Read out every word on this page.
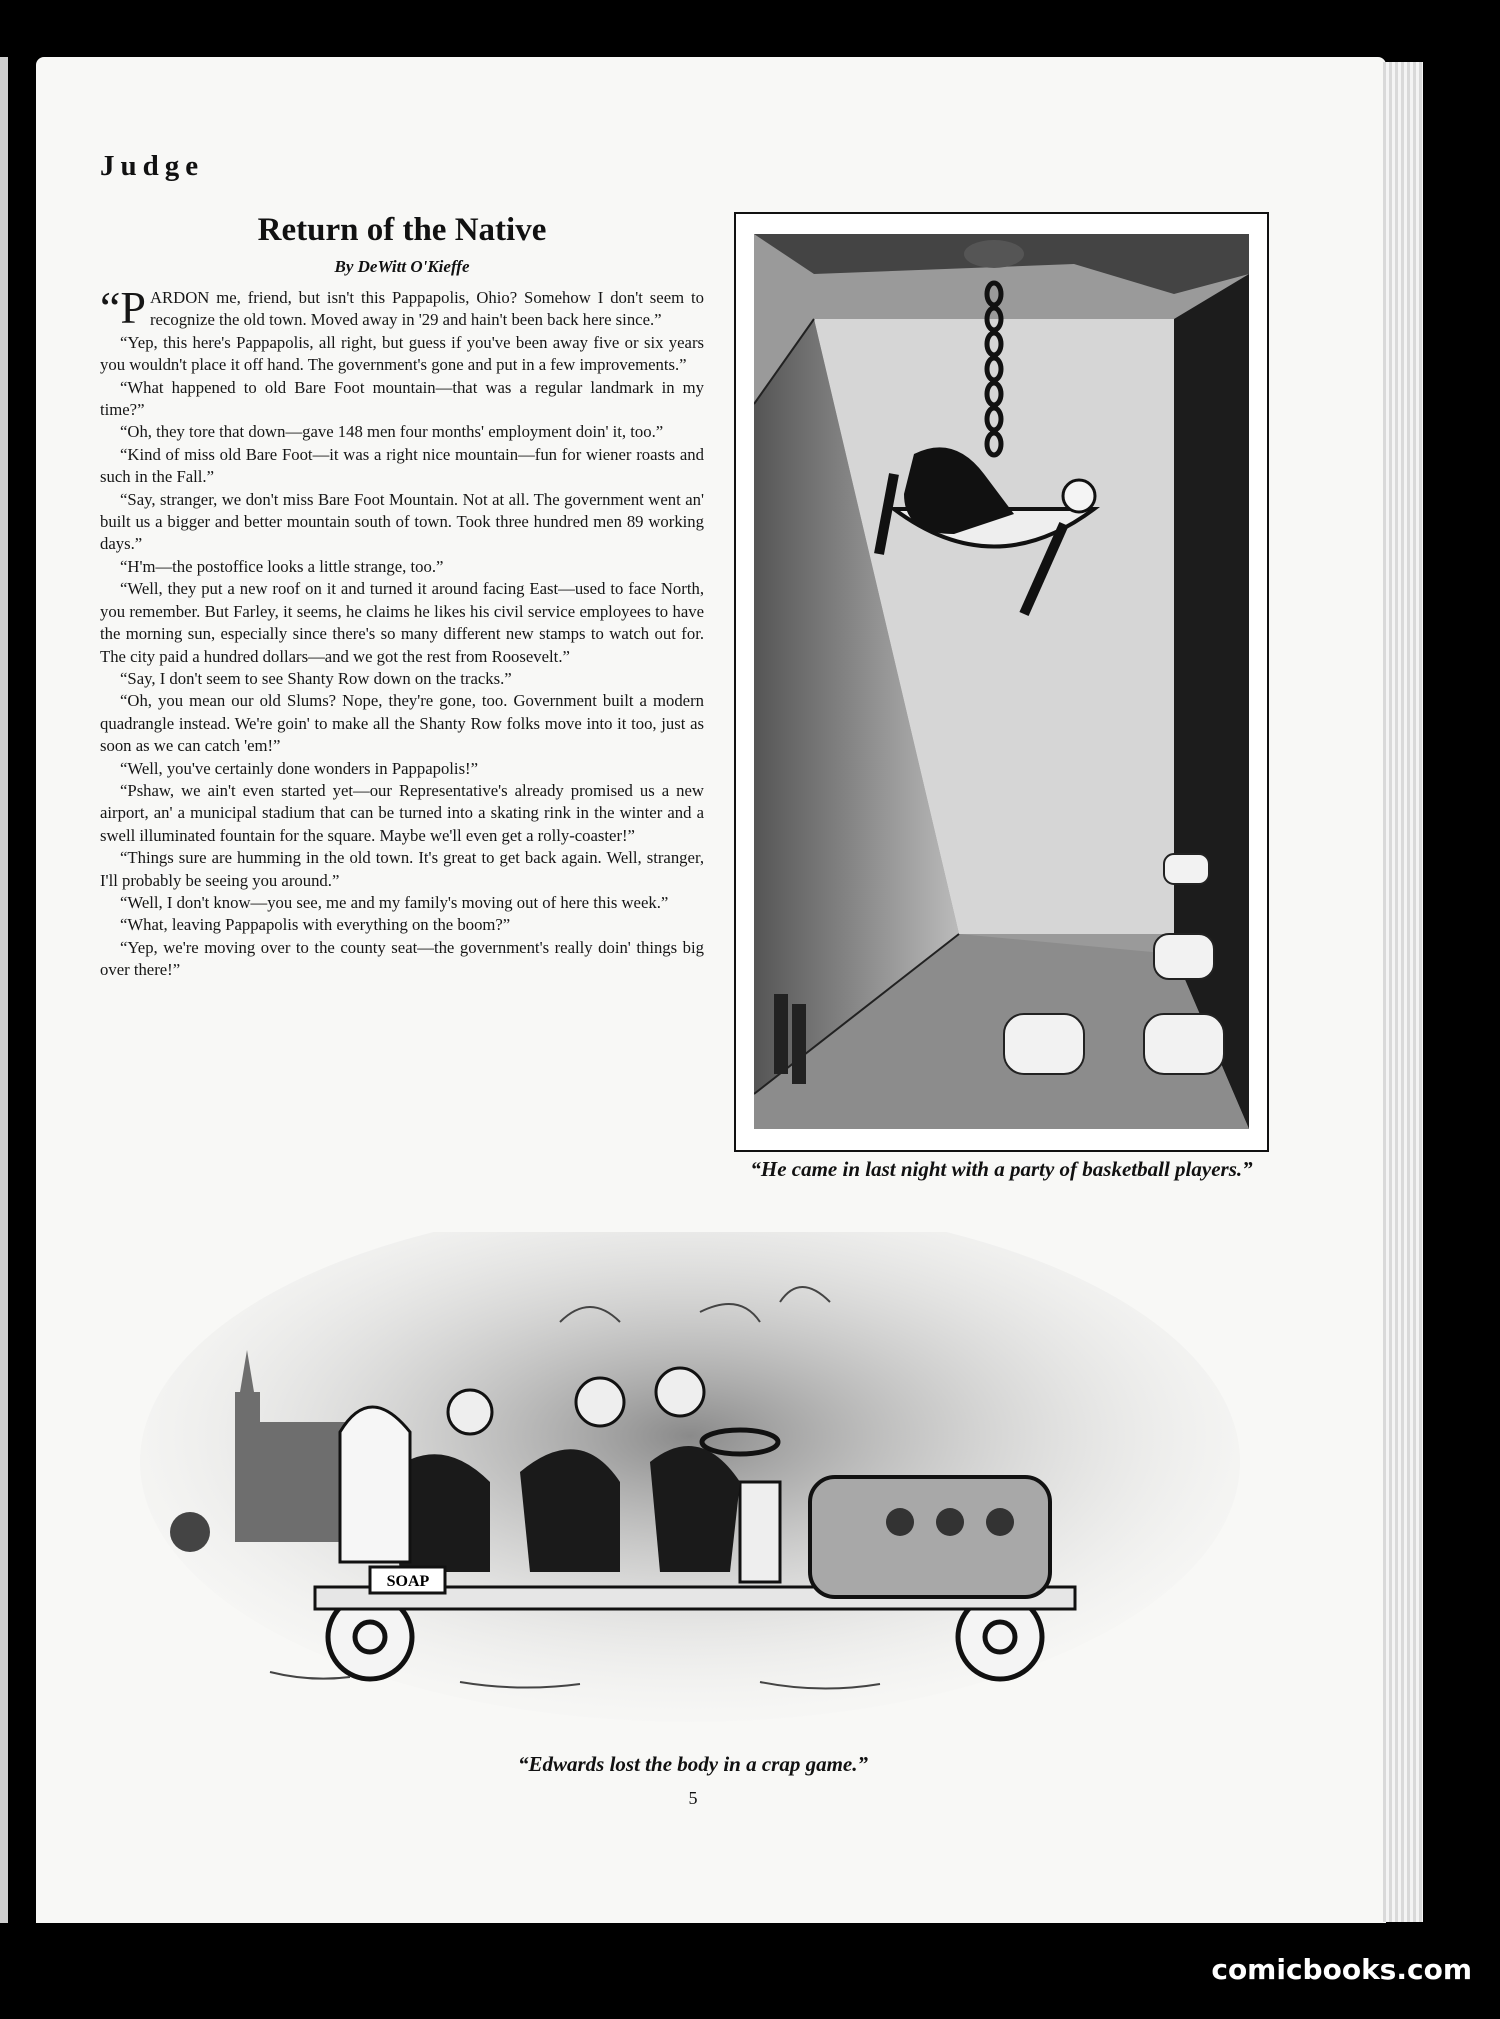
Judge
Return of the Native
By DeWitt O'Kieffe

“PARDON me, friend, but isn't this Pappapolis, Ohio? Somehow I don't seem to recognize the old town. Moved away in '29 and hain't been back here since.”

“Yep, this here's Pappapolis, all right, but guess if you've been away five or six years you wouldn't place it off hand. The government's gone and put in a few improvements.”

“What happened to old Bare Foot mountain—that was a regular landmark in my time?”

“Oh, they tore that down—gave 148 men four months' employment doin' it, too.”

“Kind of miss old Bare Foot—it was a right nice mountain—fun for wiener roasts and such in the Fall.”

“Say, stranger, we don't miss Bare Foot Mountain. Not at all. The government went an' built us a bigger and better mountain south of town. Took three hundred men 89 working days.”

“H'm—the postoffice looks a little strange, too.”

“Well, they put a new roof on it and turned it around facing East—used to face North, you remember. But Farley, it seems, he claims he likes his civil service employees to have the morning sun, especially since there's so many different new stamps to watch out for. The city paid a hundred dollars—and we got the rest from Roosevelt.”

“Say, I don't seem to see Shanty Row down on the tracks.”

“Oh, you mean our old Slums? Nope, they're gone, too. Government built a modern quadrangle instead. We're goin' to make all the Shanty Row folks move into it too, just as soon as we can catch 'em!”

“Well, you've certainly done wonders in Pappapolis!”

“Pshaw, we ain't even started yet—our Representative's already promised us a new airport, an' a municipal stadium that can be turned into a skating rink in the winter and a swell illuminated fountain for the square. Maybe we'll even get a rolly-coaster!”

“Things sure are humming in the old town. It's great to get back again. Well, stranger, I'll probably be seeing you around.”

“Well, I don't know—you see, me and my family's moving out of here this week.”

“What, leaving Pappapolis with everything on the boom?”

“Yep, we're moving over to the county seat—the government's really doin' things big over there!”

“He came in last night with a party of basketball players.”
SOAP
“Edwards lost the body in a crap game.”
5
comicbooks.com
